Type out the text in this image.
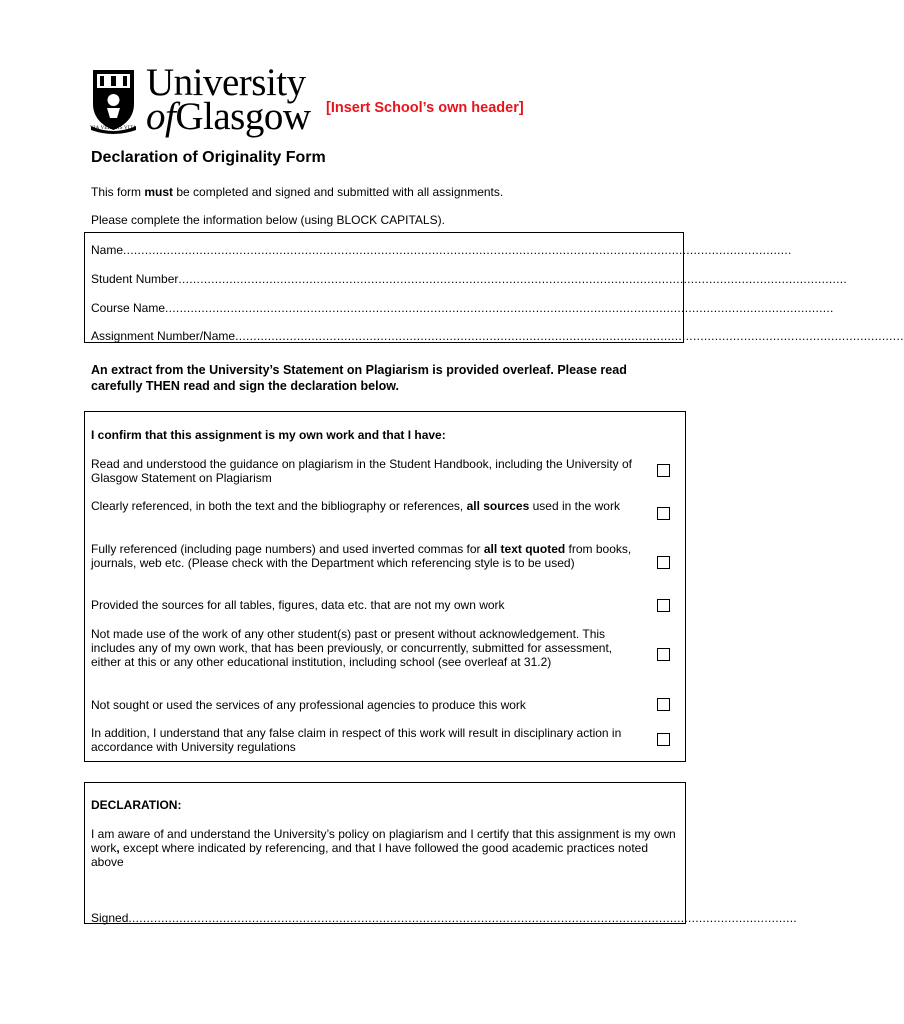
VIA VERITAS VITA
University
ofGlasgow [Insert School’s own header]
Declaration of Originality Form
This form must be completed and signed and submitted with all assignments.
Please complete the information below (using BLOCK CAPITALS).
Name ........................................................................................................................................................................................
Student Number ........................................................................................................................................................................................
Course Name ........................................................................................................................................................................................
Assignment Number/Name ........................................................................................................................................................................................
An extract from the University’s Statement on Plagiarism is provided overleaf. Please read carefully THEN read and sign the declaration below.
I confirm that this assignment is my own work and that I have:
Read and understood the guidance on plagiarism in the Student Handbook, including the University of Glasgow Statement on Plagiarism
Clearly referenced, in both the text and the bibliography or references, all sources used in the work
Fully referenced (including page numbers) and used inverted commas for all text quoted from books, journals, web etc. (Please check with the Department which referencing style is to be used)
Provided the sources for all tables, figures, data etc. that are not my own work
Not made use of the work of any other student(s) past or present without acknowledgement. This includes any of my own work, that has been previously, or concurrently, submitted for assessment, either at this or any other educational institution, including school (see overleaf at 31.2)
Not sought or used the services of any professional agencies to produce this work
In addition, I understand that any false claim in respect of this work will result in disciplinary action in accordance with University regulations
DECLARATION:
I am aware of and understand the University’s policy on plagiarism and I certify that this assignment is my own work, except where indicated by referencing, and that I have followed the good academic practices noted above
Signed ........................................................................................................................................................................................
